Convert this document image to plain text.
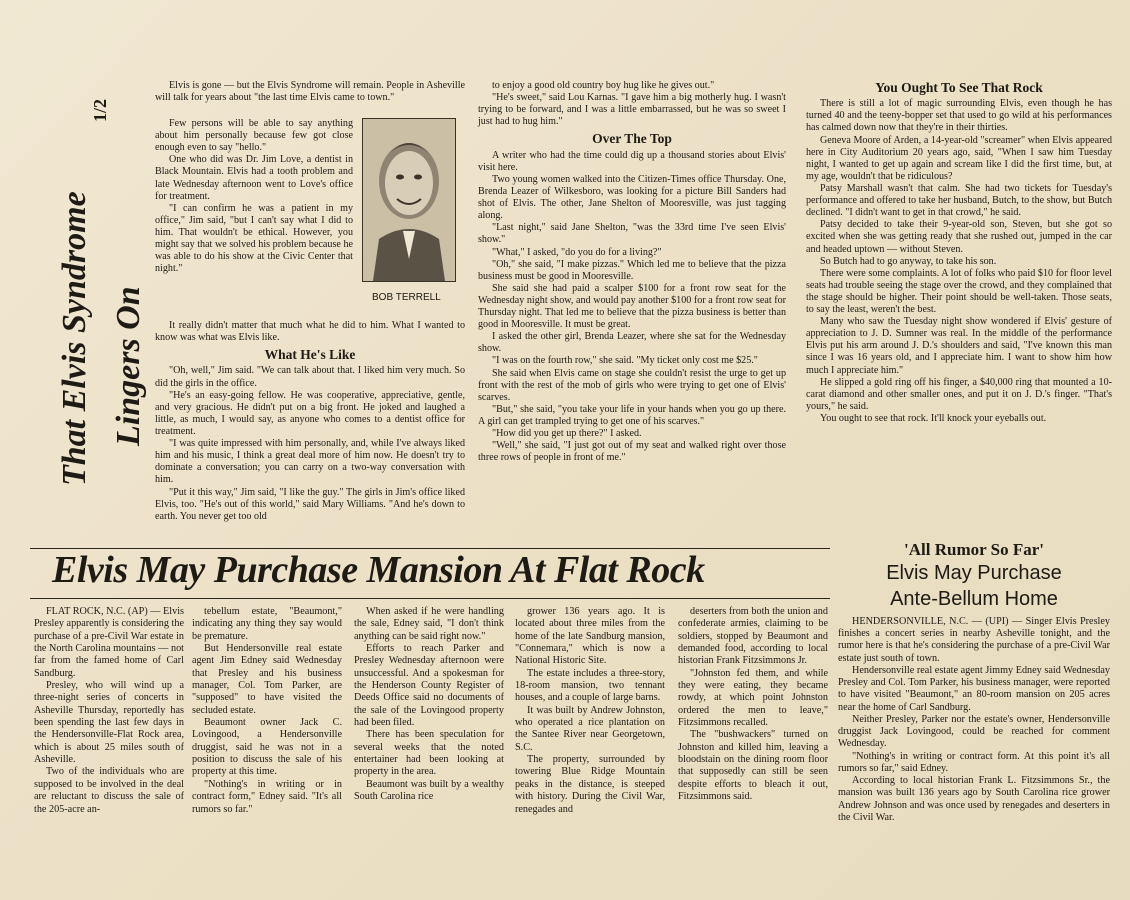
That Elvis Syndrome Lingers On
1/2

Elvis is gone — but the Elvis Syndrome will remain. People in Asheville will talk for years about "the last time Elvis came to town."

Few persons will be able to say anything about him personally because few got close enough even to say "hello."

One who did was Dr. Jim Love, a dentist in Black Mountain. Elvis had a tooth problem and late Wednesday afternoon went to Love's office for treatment.

"I can confirm he was a patient in my office," Jim said, "but I can't say what I did to him. That wouldn't be ethical. However, you might say that we solved his problem because he was able to do his show at the Civic Center that night."

BOB TERRELL

It really didn't matter that much what he did to him. What I wanted to know was what was Elvis like.

What He's Like

"Oh, well," Jim said. "We can talk about that. I liked him very much. So did the girls in the office.

"He's an easy-going fellow. He was cooperative, appreciative, gentle, and very gracious. He didn't put on a big front. He joked and laughed a little, as much, I would say, as anyone who comes to a dentist office for treatment.

"I was quite impressed with him personally, and, while I've always liked him and his music, I think a great deal more of him now. He doesn't try to dominate a conversation; you can carry on a two-way conversation with him.

"Put it this way," Jim said, "I like the guy." The girls in Jim's office liked Elvis, too. "He's out of this world," said Mary Williams. "And he's down to earth. You never get too old

to enjoy a good old country boy hug like he gives out."

"He's sweet," said Lou Karnas. "I gave him a big motherly hug. I wasn't trying to be forward, and I was a little embarrassed, but he was so sweet I just had to hug him."

Over The Top

A writer who had the time could dig up a thousand stories about Elvis' visit here.

Two young women walked into the Citizen-Times office Thursday. One, Brenda Leazer of Wilkesboro, was looking for a picture Bill Sanders had shot of Elvis. The other, Jane Shelton of Mooresville, was just tagging along.

"Last night," said Jane Shelton, "was the 33rd time I've seen Elvis' show."

"What," I asked, "do you do for a living?"

"Oh," she said, "I make pizzas." Which led me to believe that the pizza business must be good in Mooresville.

She said she had paid a scalper $100 for a front row seat for the Wednesday night show, and would pay another $100 for a front row seat for Thursday night. That led me to believe that the pizza business is better than good in Mooresville. It must be great.

I asked the other girl, Brenda Leazer, where she sat for the Wednesday show.

"I was on the fourth row," she said. "My ticket only cost me $25."

She said when Elvis came on stage she couldn't resist the urge to get up front with the rest of the mob of girls who were trying to get one of Elvis' scarves.

"But," she said, "you take your life in your hands when you go up there. A girl can get trampled trying to get one of his scarves."

"How did you get up there?" I asked.

"Well," she said, "I just got out of my seat and walked right over those three rows of people in front of me."

You Ought To See That Rock

There is still a lot of magic surrounding Elvis, even though he has turned 40 and the teeny-bopper set that used to go wild at his performances has calmed down now that they're in their thirties.

Geneva Moore of Arden, a 14-year-old "screamer" when Elvis appeared here in City Auditorium 20 years ago, said, "When I saw him Tuesday night, I wanted to get up again and scream like I did the first time, but, at my age, wouldn't that be ridiculous?

Patsy Marshall wasn't that calm. She had two tickets for Tuesday's performance and offered to take her husband, Butch, to the show, but Butch declined. "I didn't want to get in that crowd," he said.

Patsy decided to take their 9-year-old son, Steven, but she got so excited when she was getting ready that she rushed out, jumped in the car and headed uptown — without Steven.

So Butch had to go anyway, to take his son.

There were some complaints. A lot of folks who paid $10 for floor level seats had trouble seeing the stage over the crowd, and they complained that the stage should be higher. Their point should be well-taken. Those seats, to say the least, weren't the best.

Many who saw the Tuesday night show wondered if Elvis' gesture of appreciation to J. D. Sumner was real. In the middle of the performance Elvis put his arm around J. D.'s shoulders and said, "I've known this man since I was 16 years old, and I appreciate him. I want to show him how much I appreciate him."

He slipped a gold ring off his finger, a $40,000 ring that mounted a 10-carat diamond and other smaller ones, and put it on J. D.'s finger. "That's yours," he said.

You ought to see that rock. It'll knock your eyeballs out.

Elvis May Purchase Mansion At Flat Rock

FLAT ROCK, N.C. (AP) — Elvis Presley apparently is considering the purchase of a pre-Civil War estate in the North Carolina mountains — not far from the famed home of Carl Sandburg.

Presley, who will wind up a three-night series of concerts in Asheville Thursday, reportedly has been spending the last few days in the Hendersonville-Flat Rock area, which is about 25 miles south of Asheville.

Two of the individuals who are supposed to be involved in the deal are reluctant to discuss the sale of the 205-acre an-

tebellum estate, "Beaumont," indicating any thing they say would be premature.

But Hendersonville real estate agent Jim Edney said Wednesday that Presley and his business manager, Col. Tom Parker, are "supposed" to have visited the secluded estate.

Beaumont owner Jack C. Lovingood, a Hendersonville druggist, said he was not in a position to discuss the sale of his property at this time.

"Nothing's in writing or in contract form," Edney said. "It's all rumors so far."

When asked if he were handling the sale, Edney said, "I don't think anything can be said right now."

Efforts to reach Parker and Presley Wednesday afternoon were unsuccessful. And a spokesman for the Henderson County Register of Deeds Office said no documents of the sale of the Lovingood property had been filed.

There has been speculation for several weeks that the noted entertainer had been looking at property in the area.

Beaumont was built by a wealthy South Carolina rice

grower 136 years ago. It is located about three miles from the home of the late Sandburg mansion, "Connemara," which is now a National Historic Site.

The estate includes a three-story, 18-room mansion, two tennant houses, and a couple of large barns.

It was built by Andrew Johnston, who operated a rice plantation on the Santee River near Georgetown, S.C.

The property, surrounded by towering Blue Ridge Mountain peaks in the distance, is steeped with history. During the Civil War, renegades and

deserters from both the union and confederate armies, claiming to be soldiers, stopped by Beaumont and demanded food, according to local historian Frank Fitzsimmons Jr.

"Johnston fed them, and while they were eating, they became rowdy, at which point Johnston ordered the men to leave," Fitzsimmons recalled.

The "bushwackers" turned on Johnston and killed him, leaving a bloodstain on the dining room floor that supposedly can still be seen despite efforts to bleach it out, Fitzsimmons said.

'All Rumor So Far'
Elvis May Purchase
Ante-Bellum Home

HENDERSONVILLE, N.C. — (UPI) — Singer Elvis Presley finishes a concert series in nearby Asheville tonight, and the rumor here is that he's considering the purchase of a pre-Civil War estate just south of town.

Hendersonville real estate agent Jimmy Edney said Wednesday Presley and Col. Tom Parker, his business manager, were reported to have visited "Beaumont," an 80-room mansion on 205 acres near the home of Carl Sandburg.

Neither Presley, Parker nor the estate's owner, Hendersonville druggist Jack Lovingood, could be reached for comment Wednesday.

"Nothing's in writing or contract form. At this point it's all rumors so far," said Edney.

According to local historian Frank L. Fitzsimmons Sr., the mansion was built 136 years ago by South Carolina rice grower Andrew Johnson and was once used by renegades and deserters in the Civil War.
